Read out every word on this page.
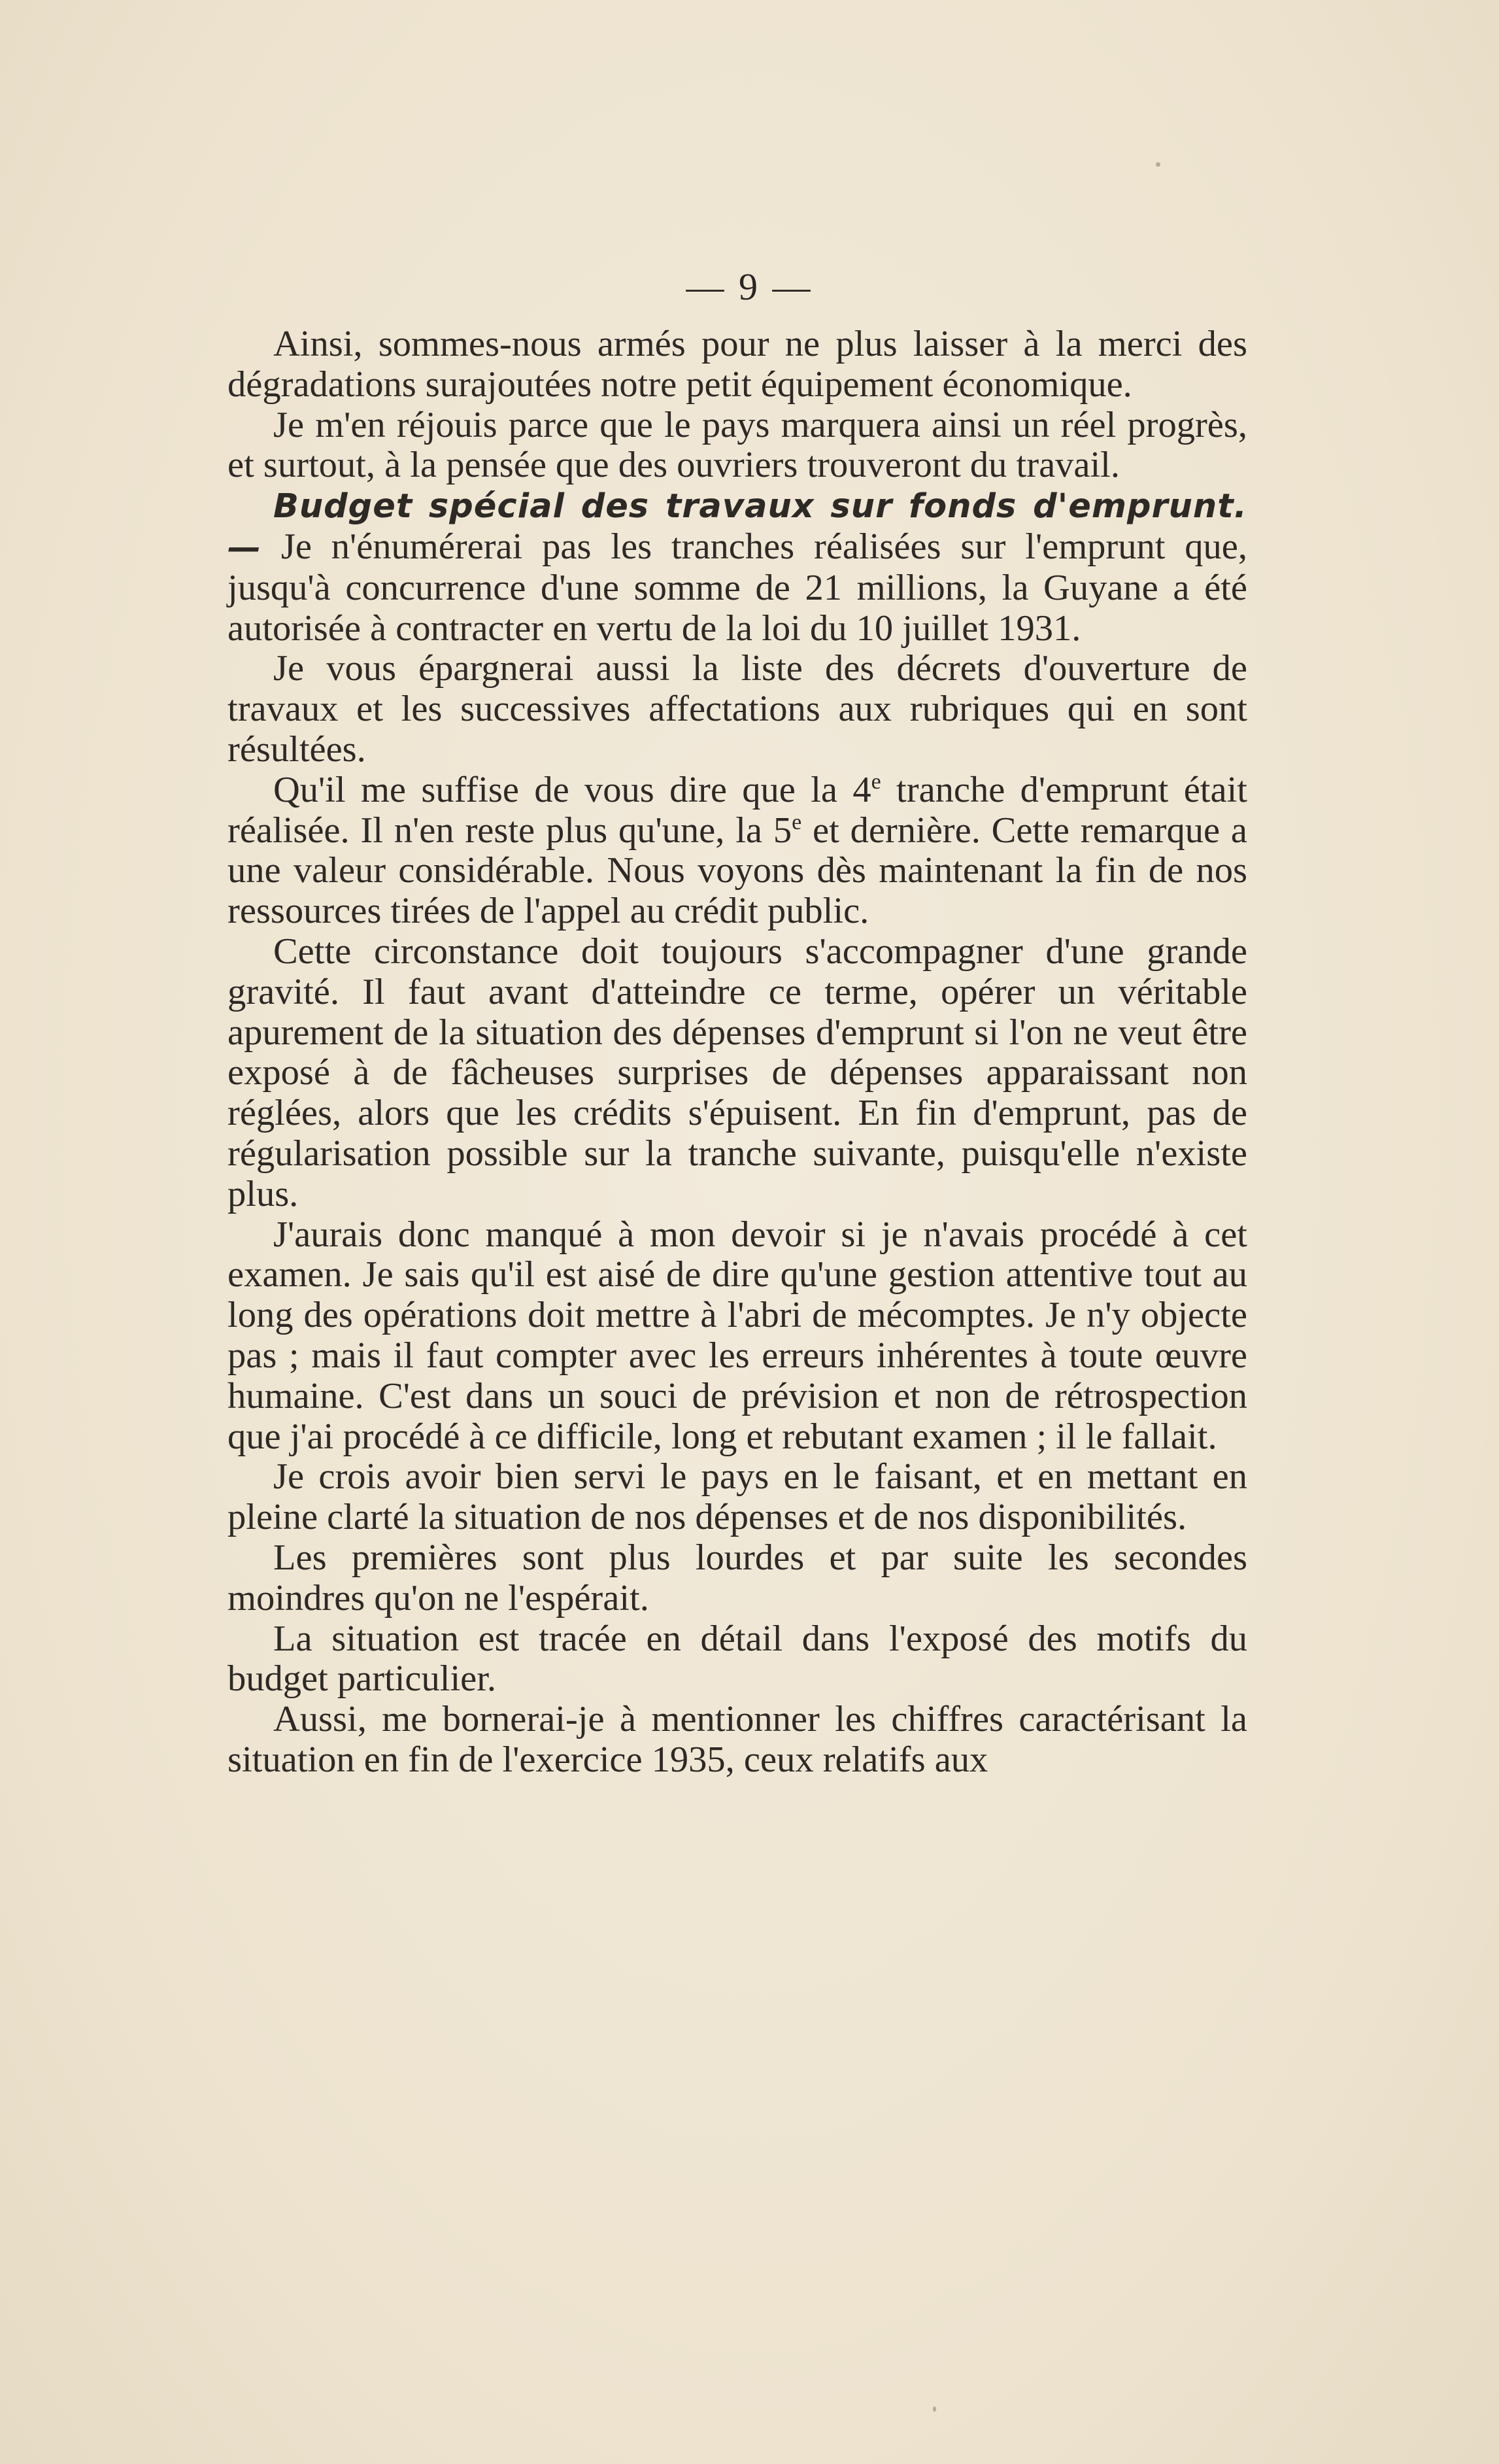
— 9 —

Ainsi, sommes-nous armés pour ne plus laisser à la merci des dégradations surajoutées notre petit équipement économique.

Je m'en réjouis parce que le pays marquera ainsi un réel progrès, et surtout, à la pensée que des ouvriers trouveront du travail.

Budget spécial des travaux sur fonds d'emprunt.— Je n'énumérerai pas les tranches réalisées sur l'emprunt que, jusqu'à concurrence d'une somme de 21 millions, la Guyane a été autorisée à contracter en vertu de la loi du 10 juillet 1931.

Je vous épargnerai aussi la liste des décrets d'ouverture de travaux et les successives affectations aux rubriques qui en sont résultées.

Qu'il me suffise de vous dire que la 4e tranche d'emprunt était réalisée. Il n'en reste plus qu'une, la 5e et dernière. Cette remarque a une valeur considérable. Nous voyons dès maintenant la fin de nos ressources tirées de l'appel au crédit public.

Cette circonstance doit toujours s'accompagner d'une grande gravité. Il faut avant d'atteindre ce terme, opérer un véritable apurement de la situation des dépenses d'emprunt si l'on ne veut être exposé à de fâcheuses surprises de dépenses apparaissant non réglées, alors que les crédits s'épuisent. En fin d'emprunt, pas de régularisation possible sur la tranche suivante, puisqu'elle n'existe plus.

J'aurais donc manqué à mon devoir si je n'avais procédé à cet examen. Je sais qu'il est aisé de dire qu'une gestion attentive tout au long des opérations doit mettre à l'abri de mécomptes. Je n'y objecte pas ; mais il faut compter avec les erreurs inhérentes à toute œuvre humaine. C'est dans un souci de prévision et non de rétrospection que j'ai procédé à ce difficile, long et rebutant examen ; il le fallait.

Je crois avoir bien servi le pays en le faisant, et en mettant en pleine clarté la situation de nos dépenses et de nos disponibilités.

Les premières sont plus lourdes et par suite les secondes moindres qu'on ne l'espérait.

La situation est tracée en détail dans l'exposé des motifs du budget particulier.

Aussi, me bornerai-je à mentionner les chiffres caractérisant la situation en fin de l'exercice 1935, ceux relatifs aux
